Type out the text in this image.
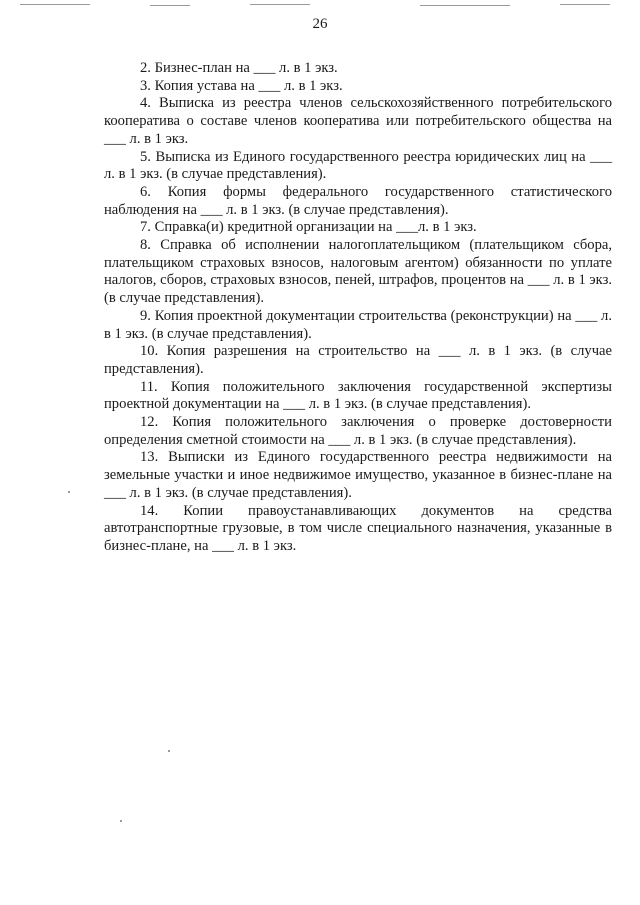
26

2. Бизнес-план на ___ л. в 1 экз.

3. Копия устава на ___ л. в 1 экз.

4. Выписка из реестра членов сельскохозяйственного потребительского кооператива о составе членов кооператива или потребительского общества на ___ л. в 1 экз.

5. Выписка из Единого государственного реестра юридических лиц на ___ л. в 1 экз. (в случае представления).

6. Копия формы федерального государственного статистического наблюдения на ___ л. в 1 экз. (в случае представления).

7. Справка(и) кредитной организации на ___л. в 1 экз.

8. Справка об исполнении налогоплательщиком (плательщиком сбора, плательщиком страховых взносов, налоговым агентом) обязанности по уплате налогов, сборов, страховых взносов, пеней, штрафов, процентов на ___ л. в 1 экз. (в случае представления).

9. Копия проектной документации строительства (реконструкции) на ___ л. в 1 экз. (в случае представления).

10. Копия разрешения на строительство на ___ л. в 1 экз. (в случае представления).

11. Копия положительного заключения государственной экспертизы проектной документации на ___ л. в 1 экз. (в случае представления).

12. Копия положительного заключения о проверке достоверности определения сметной стоимости на ___ л. в 1 экз. (в случае представления).

13. Выписки из Единого государственного реестра недвижимости на земельные участки и иное недвижимое имущество, указанное в бизнес-плане на ___ л. в 1 экз. (в случае представления).

14. Копии правоустанавливающих документов на средства автотранспортные грузовые, в том числе специального назначения, указанные в бизнес-плане, на ___ л. в 1 экз.
